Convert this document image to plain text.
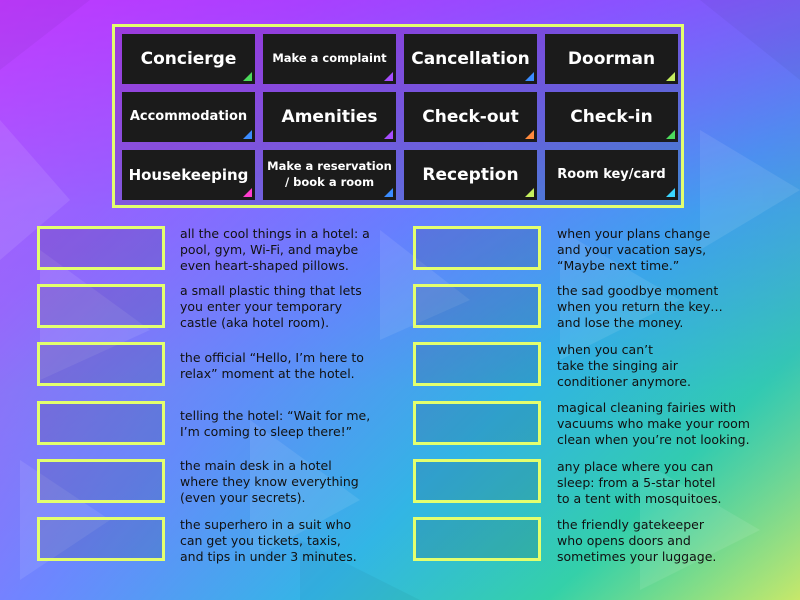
Concierge	Make a complaint Cancellation Doorman
Accommodation Amenities	Check-out	Check-in
Housekeeping Make a reservation / book a room	Reception	Room key/card
all the cool things in a hotel: a
pool, gym, Wi-Fi, and maybe
even heart-shaped pillows.
a small plastic thing that lets
you enter your temporary
castle (aka hotel room).
the official “Hello, I’m here to
relax” moment at the hotel.
telling the hotel: “Wait for me,
I’m coming to sleep there!”
the main desk in a hotel
where they know everything
(even your secrets).
the superhero in a suit who
can get you tickets, taxis,
and tips in under 3 minutes.
when your plans change
and your vacation says,
“Maybe next time.”
the sad goodbye moment
when you return the key…
and lose the money.
when you can’t
take the singing air
conditioner anymore.
magical cleaning fairies with
vacuums who make your room
clean when you’re not looking.
any place where you can
sleep: from a 5-star hotel
to a tent with mosquitoes.
the friendly gatekeeper
who opens doors and
sometimes your luggage.
